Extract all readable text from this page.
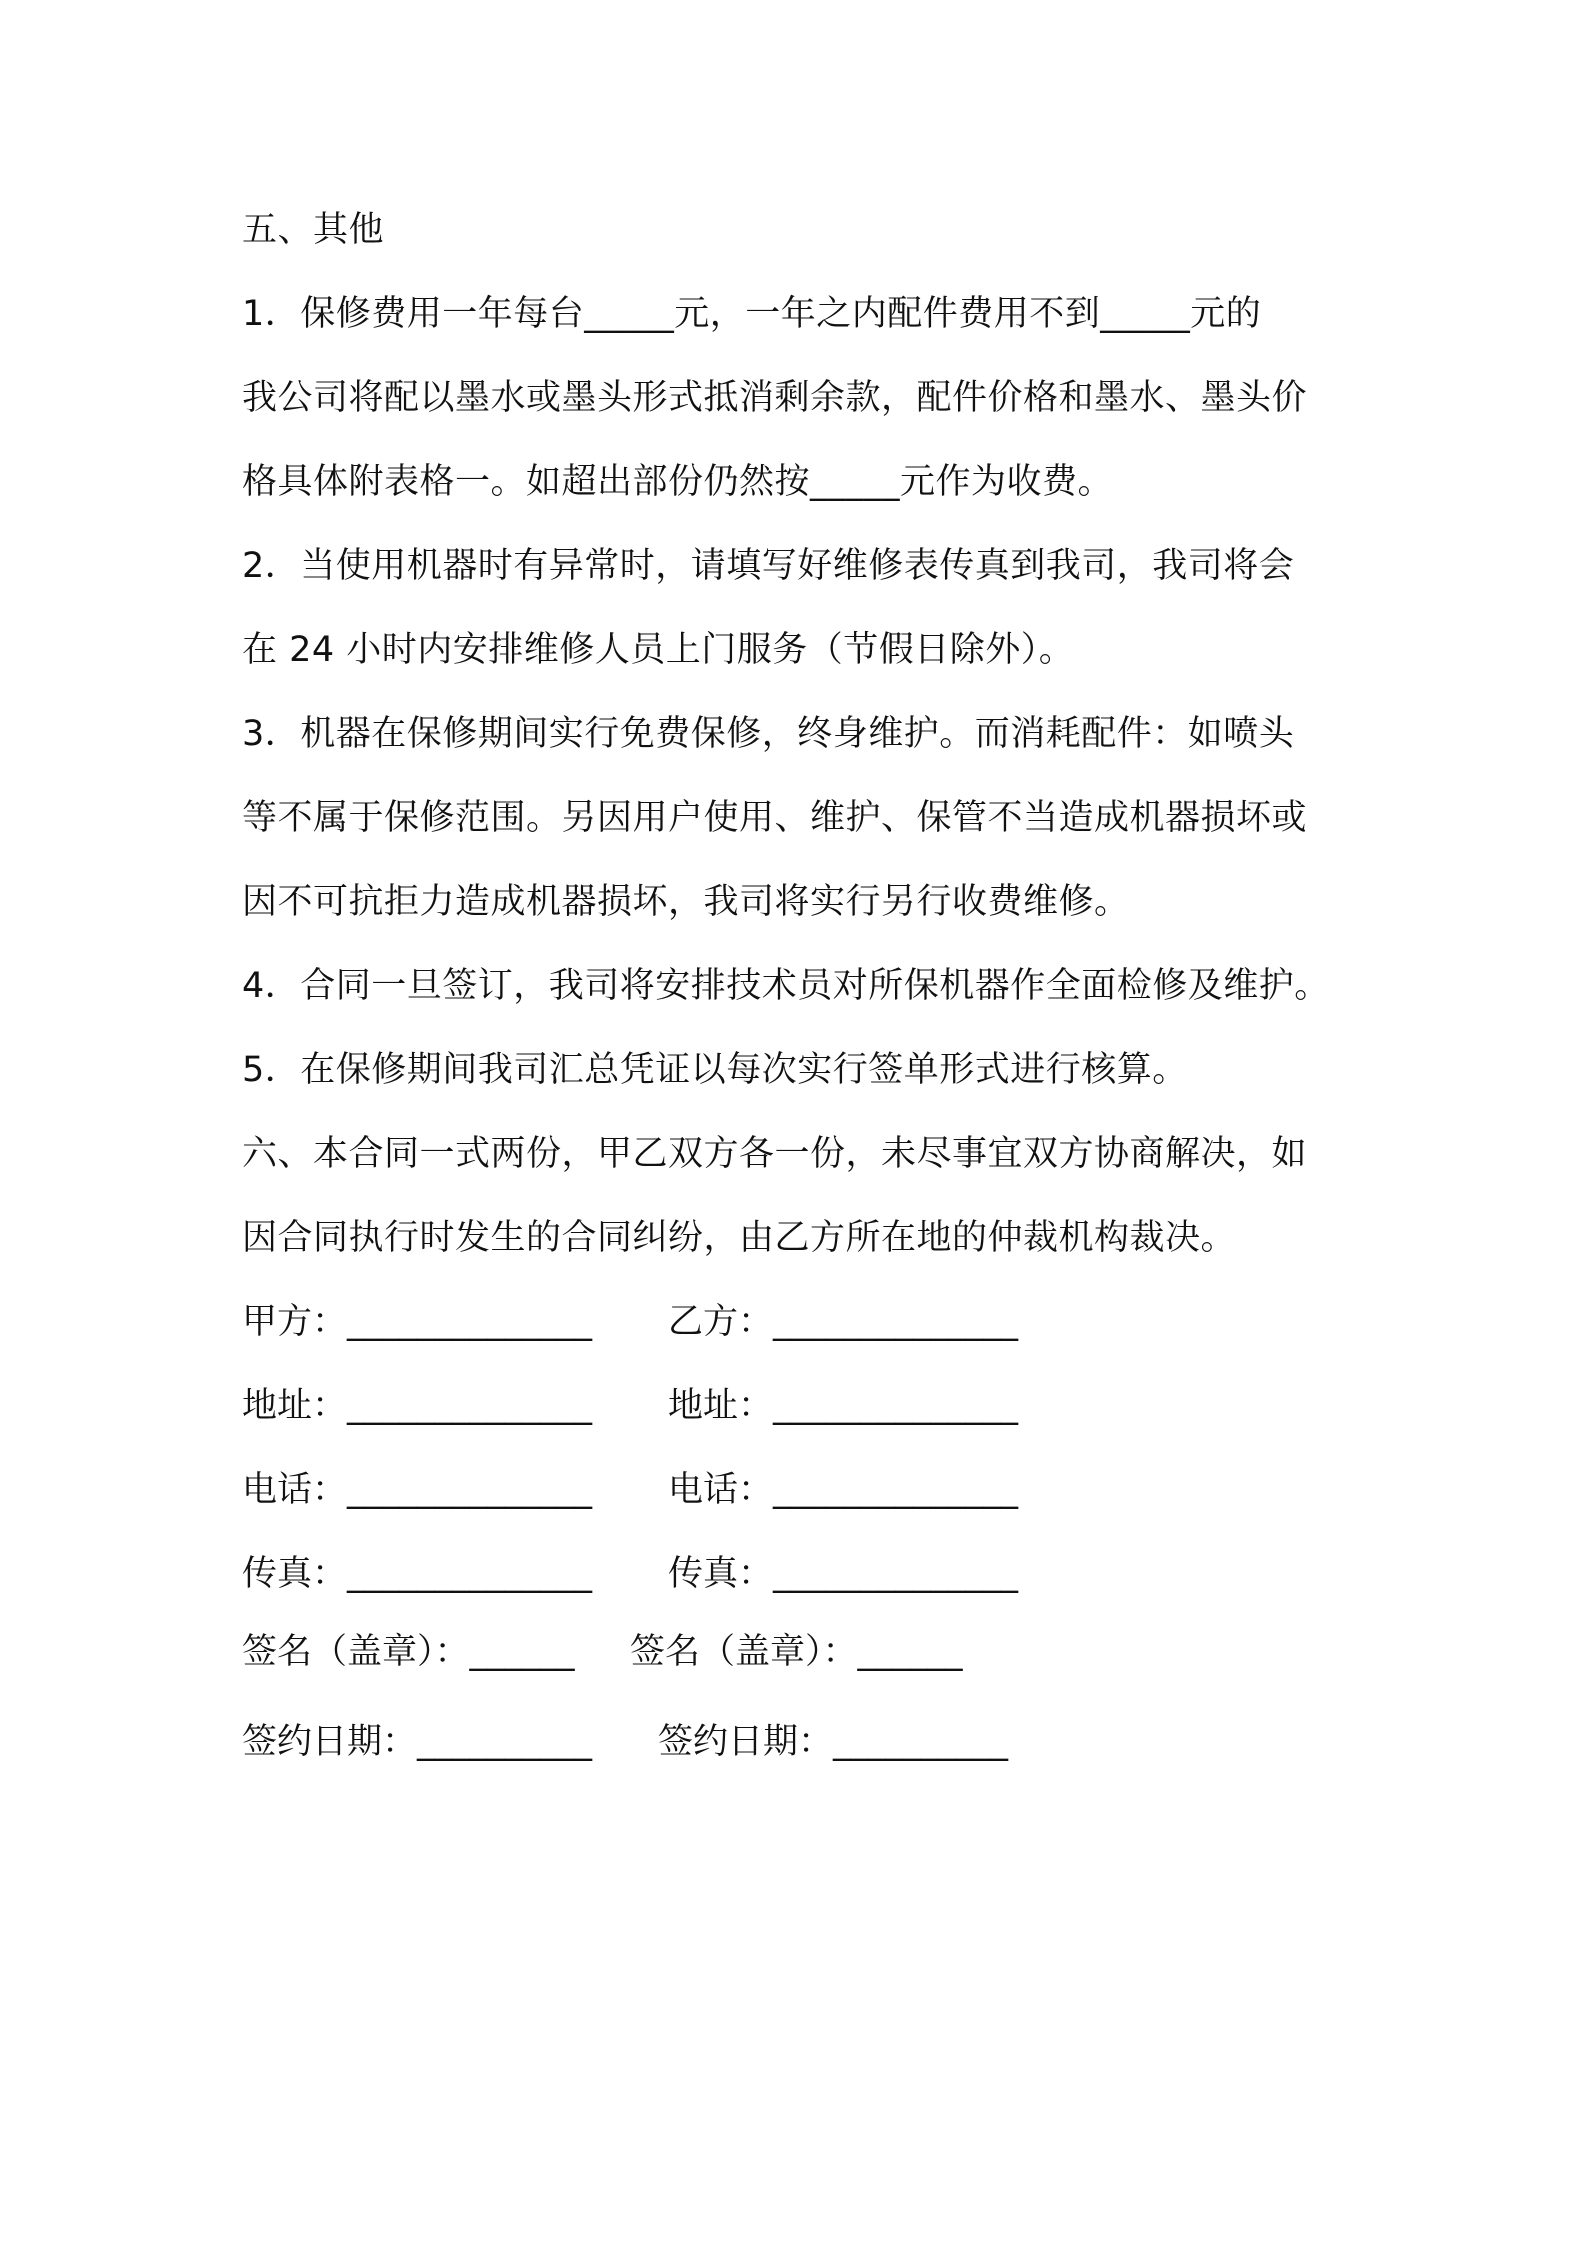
五、其他
1．保修费用一年每台_____元，一年之内配件费用不到_____元的
我公司将配以墨水或墨头形式抵消剩余款，配件价格和墨水、墨头价
格具体附表格一。如超出部份仍然按_____元作为收费。
2．当使用机器时有异常时，请填写好维修表传真到我司，我司将会
在 24 小时内安排维修人员上门服务（节假日除外）。
3．机器在保修期间实行免费保修，终身维护。而消耗配件：如喷头
等不属于保修范围。另因用户使用、维护、保管不当造成机器损坏或
因不可抗拒力造成机器损坏，我司将实行另行收费维修。
4．合同一旦签订，我司将安排技术员对所保机器作全面检修及维护。
5．在保修期间我司汇总凭证以每次实行签单形式进行核算。
六、本合同一式两份，甲乙双方各一份，未尽事宜双方协商解决，如
因合同执行时发生的合同纠纷，由乙方所在地的仲裁机构裁决。

甲方：______________

乙方：______________

地址：______________

地址：______________

电话：______________

电话：______________

传真：______________

传真：______________

签名（盖章）：______

签名（盖章）：______

签约日期：__________

签约日期：__________
